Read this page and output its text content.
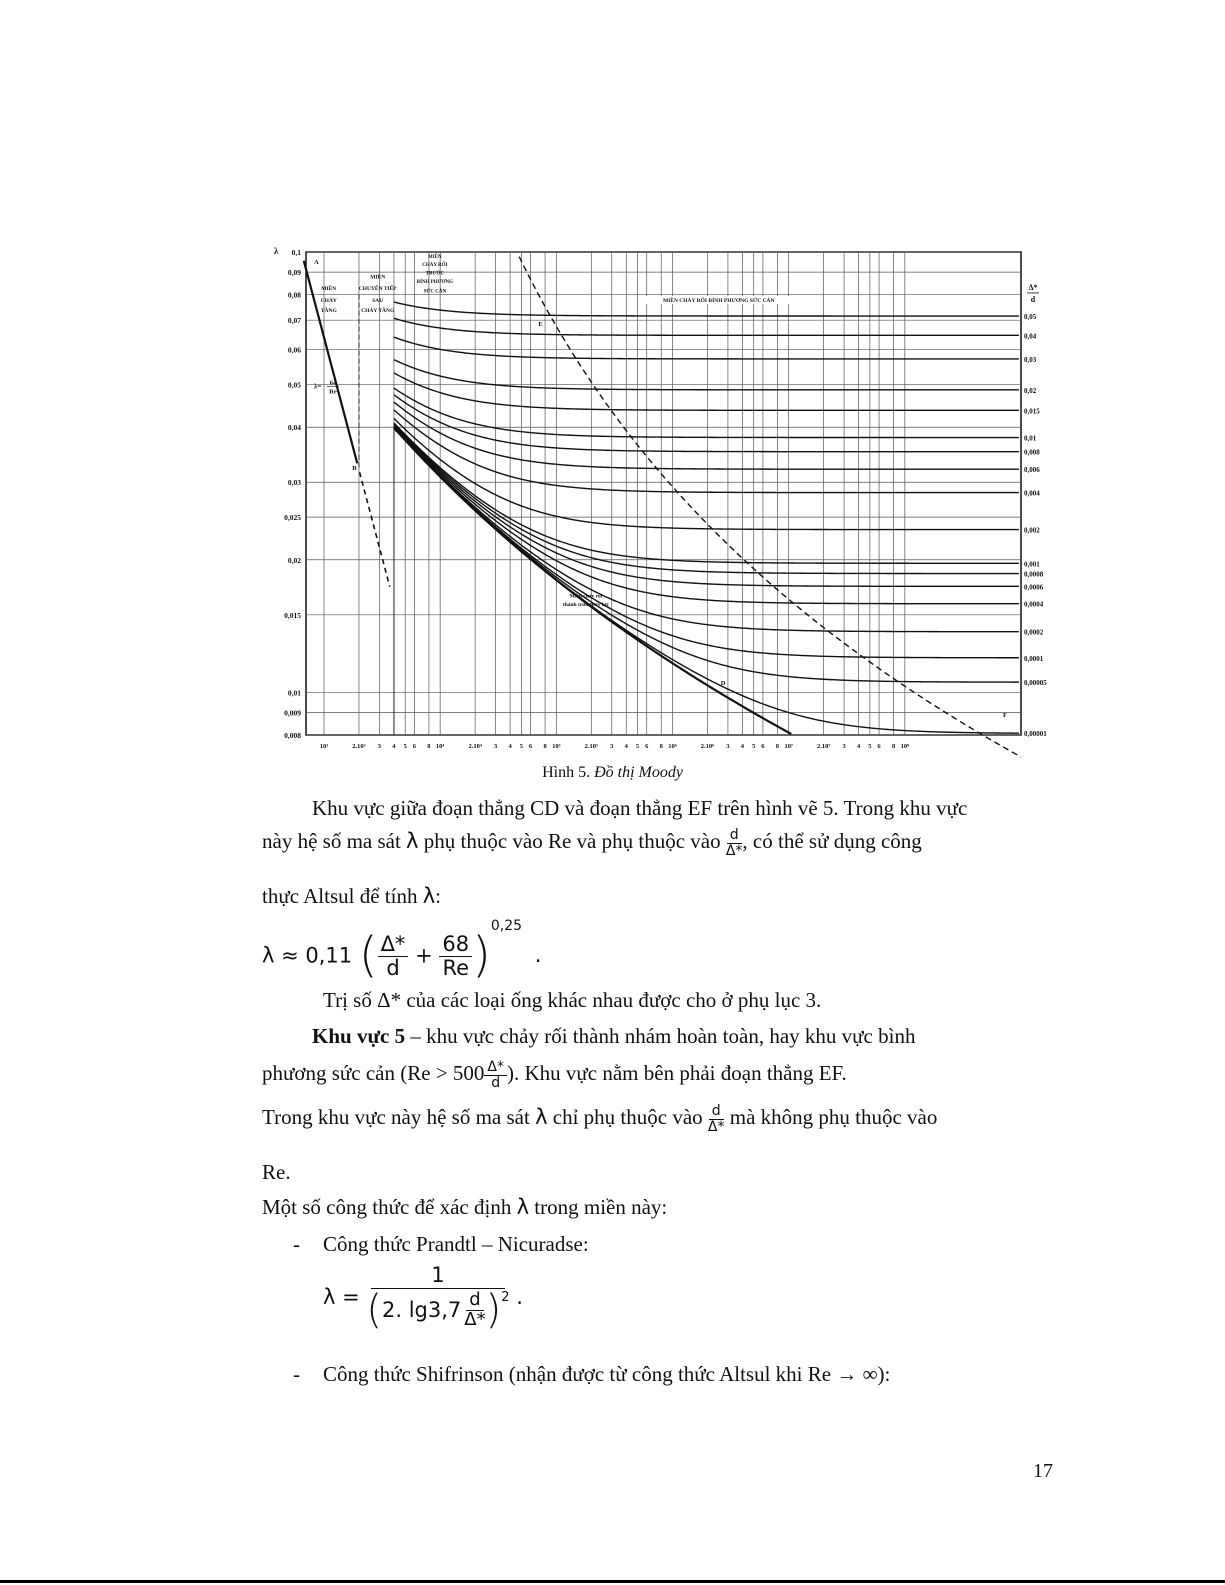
0,1
0,09
0,08
0,07
0,06
0,05
0,04
0,03
0,025
0,02
0,015
0,01
0,009
0,008
λ
10³	2.10³ 3 4 5 6 8 10⁴	2.10⁴ 3 4 5 6 8 10⁵	2.10⁵ 3 4 5 6 8 10⁶	2.10⁶ 3 4 5 6 8 10⁷	2.10⁷ 3 4 5 6 8 10⁸
0,05
0,04
0,03
0,02
0,015
0,01
0,008
0,006
0,004
0,002
0,001
0,0008
0,0006
0,0004
0,0002
0,0001
0,00005
0,00001
Δ*
d
A
B
C
D
E
F
MIỀN
CHẢY
TẦNG
MIỀN
CHUYỂN TIẾP
SAU
CHẢY TẦNG
MIỀN
CHẢY RỐI
TRƯỚC
BÌNH PHƯƠNG
SỨC CẢN
MIỀN CHẢY RỐI BÌNH PHƯƠNG SỨC CẢN
Miền chảy rối
thành trơn thủy lực
λ= 64
Re
Hình 5. Đồ thị Moody
Khu vực giữa đoạn thẳng CD và đoạn thẳng EF trên hình vẽ 5. Trong khu vực
này hệ số ma sát λ phụ thuộc vào Re và phụ thuộc vào $\frac{d}{\Delta*}$ , có thể sử dụng công
thực Altsul để tính λ:
λ ≈ 0,11 ( $\frac{\Delta*}{d} + \frac{68}{Re} )^{0,25}$ .
Trị số Δ* của các loại ống khác nhau được cho ở phụ lục 3.
Khu vực 5 – khu vực chảy rối thành nhám hoàn toàn, hay khu vực bình
phương sức cản ($Re > 500 \frac{\Delta*}{d}$ ). Khu vực nằm bên phải đoạn thẳng EF.
Trong khu vực này hệ số ma sát λ chỉ phụ thuộc vào $\frac{d}{\Delta*}$ mà không phụ thuộc vào
Re.
Một số công thức để xác định λ trong miền này:
- Công thức Prandtl – Nicuradse:
$\lambda = \frac{1}{( 2. \lg 3,7 \frac{d}{\Delta*} ) 2}$ .
- Công thức Shifrinson (nhận được từ công thức Altsul khi Re → ∞):
17
